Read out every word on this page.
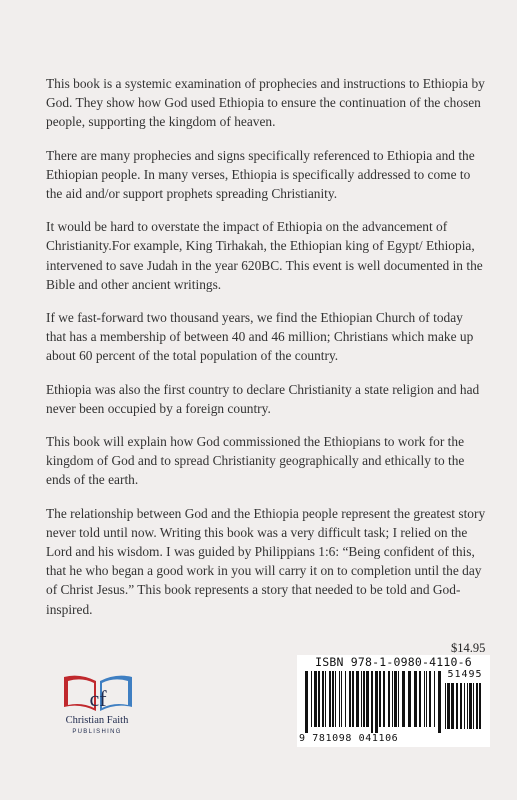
This book is a systemic examination of prophecies and instructions to Ethiopia by God. They show how God used Ethiopia to ensure the continuation of the chosen people, supporting the kingdom of heaven.

There are many prophecies and signs specifically referenced to Ethiopia and the Ethiopian people. In many verses, Ethiopia is specifically addressed to come to the aid and/or support prophets spreading Christianity.

It would be hard to overstate the impact of Ethiopia on the advancement of Christianity.For example, King Tirhakah, the Ethiopian king of Egypt/ Ethiopia, intervened to save Judah in the year 620BC. This event is well documented in the Bible and other ancient writings.

If we fast-forward two thousand years, we find the Ethiopian Church of today that has a membership of between 40 and 46 million; Christians which make up about 60 percent of the total population of the country.

Ethiopia was also the first country to declare Christianity a state religion and had never been occupied by a foreign country.

This book will explain how God commissioned the Ethiopians to work for the kingdom of God and to spread Christianity geographically and ethically to the ends of the earth.

The relationship between God and the Ethiopia people represent the greatest story never told until now. Writing this book was a very difficult task; I relied on the Lord and his wisdom. I was guided by Philippians 1:6: “Being confident of this, that he who began a good work in you will carry it on to completion until the day of Christ Jesus.” This book represents a story that needed to be told and God-inspired.

$14.95
ISBN 978-1-0980-4110-6
51495
9 781098 041106
cf
Christian Faith
PUBLISHING
